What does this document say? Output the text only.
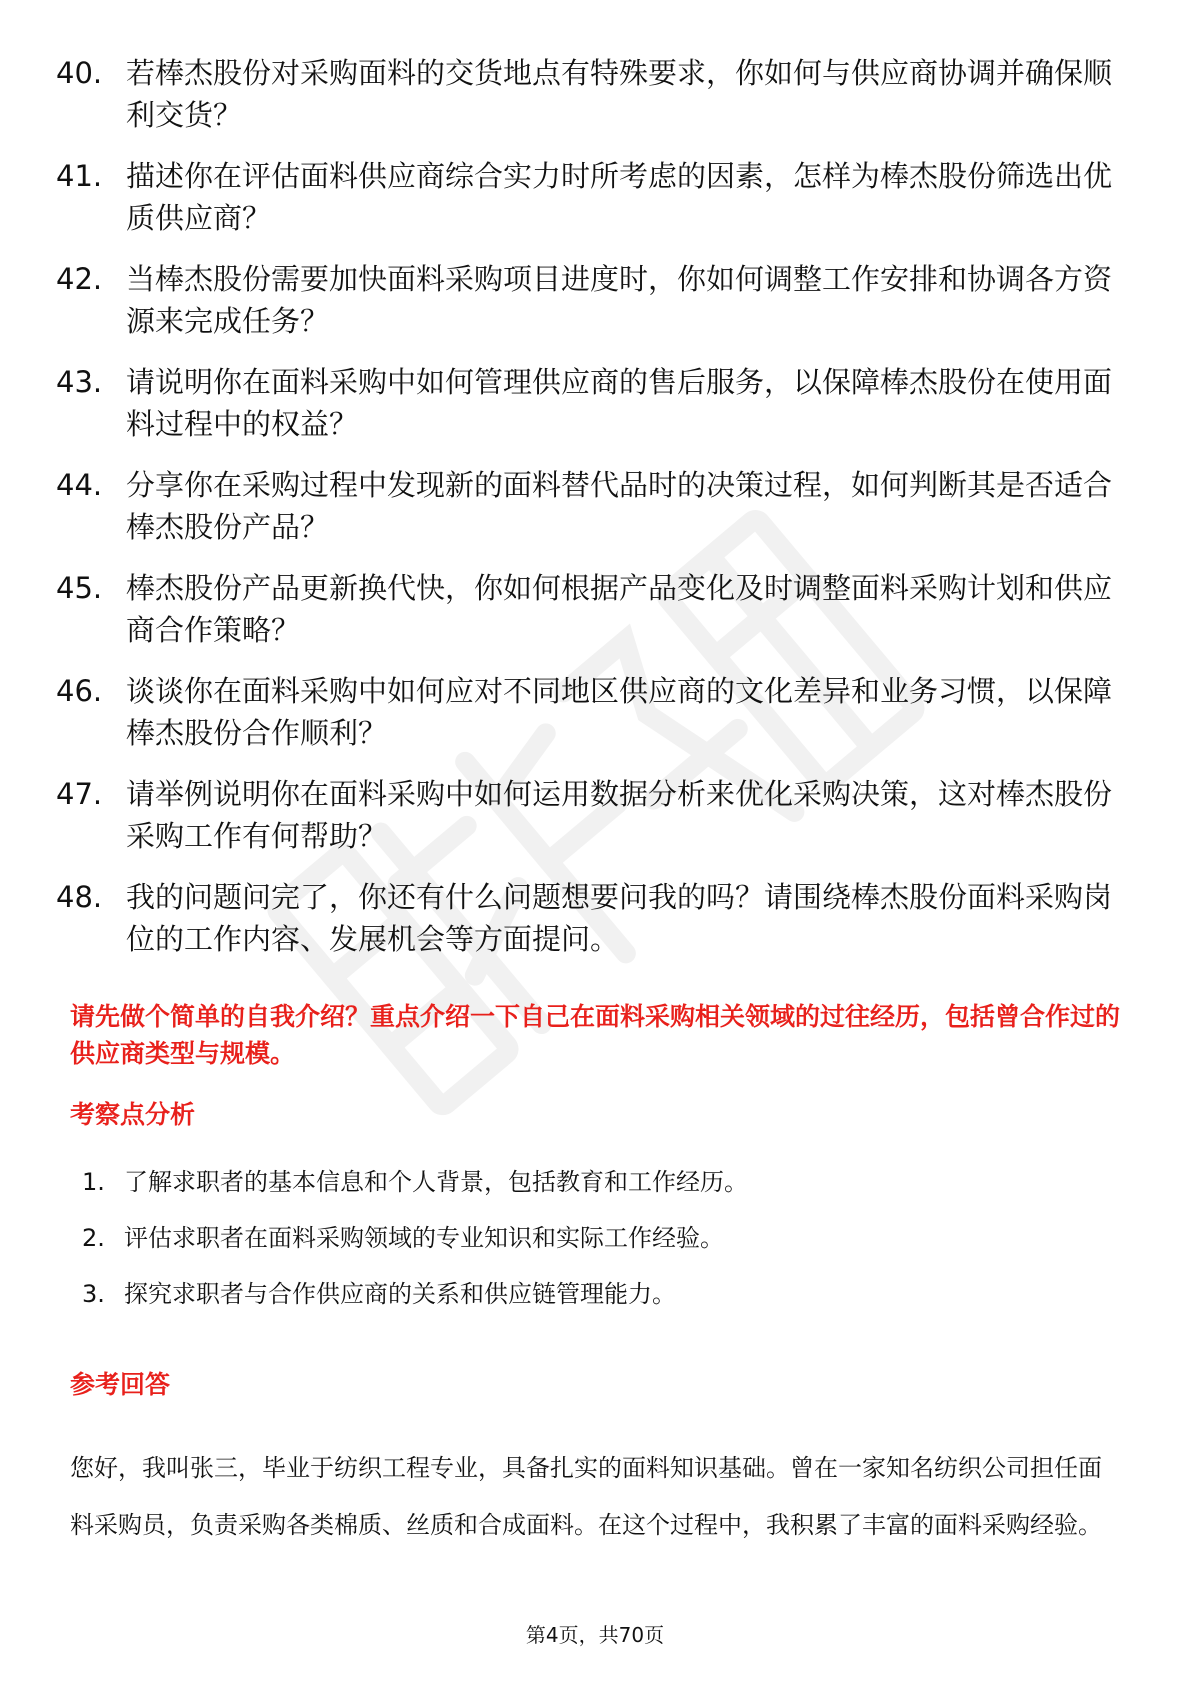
40. 若棒杰股份对采购面料的交货地点有特殊要求，你如何与供应商协调并确保顺利交货？
41. 描述你在评估面料供应商综合实力时所考虑的因素，怎样为棒杰股份筛选出优质供应商？
42. 当棒杰股份需要加快面料采购项目进度时，你如何调整工作安排和协调各方资源来完成任务？
43. 请说明你在面料采购中如何管理供应商的售后服务，以保障棒杰股份在使用面料过程中的权益？
44. 分享你在采购过程中发现新的面料替代品时的决策过程，如何判断其是否适合棒杰股份产品？
45. 棒杰股份产品更新换代快，你如何根据产品变化及时调整面料采购计划和供应商合作策略？
46. 谈谈你在面料采购中如何应对不同地区供应商的文化差异和业务习惯，以保障棒杰股份合作顺利？
47. 请举例说明你在面料采购中如何运用数据分析来优化采购决策，这对棒杰股份采购工作有何帮助？
48. 我的问题问完了，你还有什么问题想要问我的吗？请围绕棒杰股份面料采购岗位的工作内容、发展机会等方面提问。

请先做个简单的自我介绍？重点介绍一下自己在面料采购相关领域的过往经历，包括曾合作过的供应商类型与规模。

考察点分析
1. 了解求职者的基本信息和个人背景，包括教育和工作经历。
2. 评估求职者在面料采购领域的专业知识和实际工作经验。
3. 探究求职者与合作供应商的关系和供应链管理能力。
参考回答

您好，我叫张三，毕业于纺织工程专业，具备扎实的面料知识基础。曾在一家知名纺织公司担任面料采购员，负责采购各类棉质、丝质和合成面料。在这个过程中，我积累了丰富的面料采购经验。

第4页，共70页
